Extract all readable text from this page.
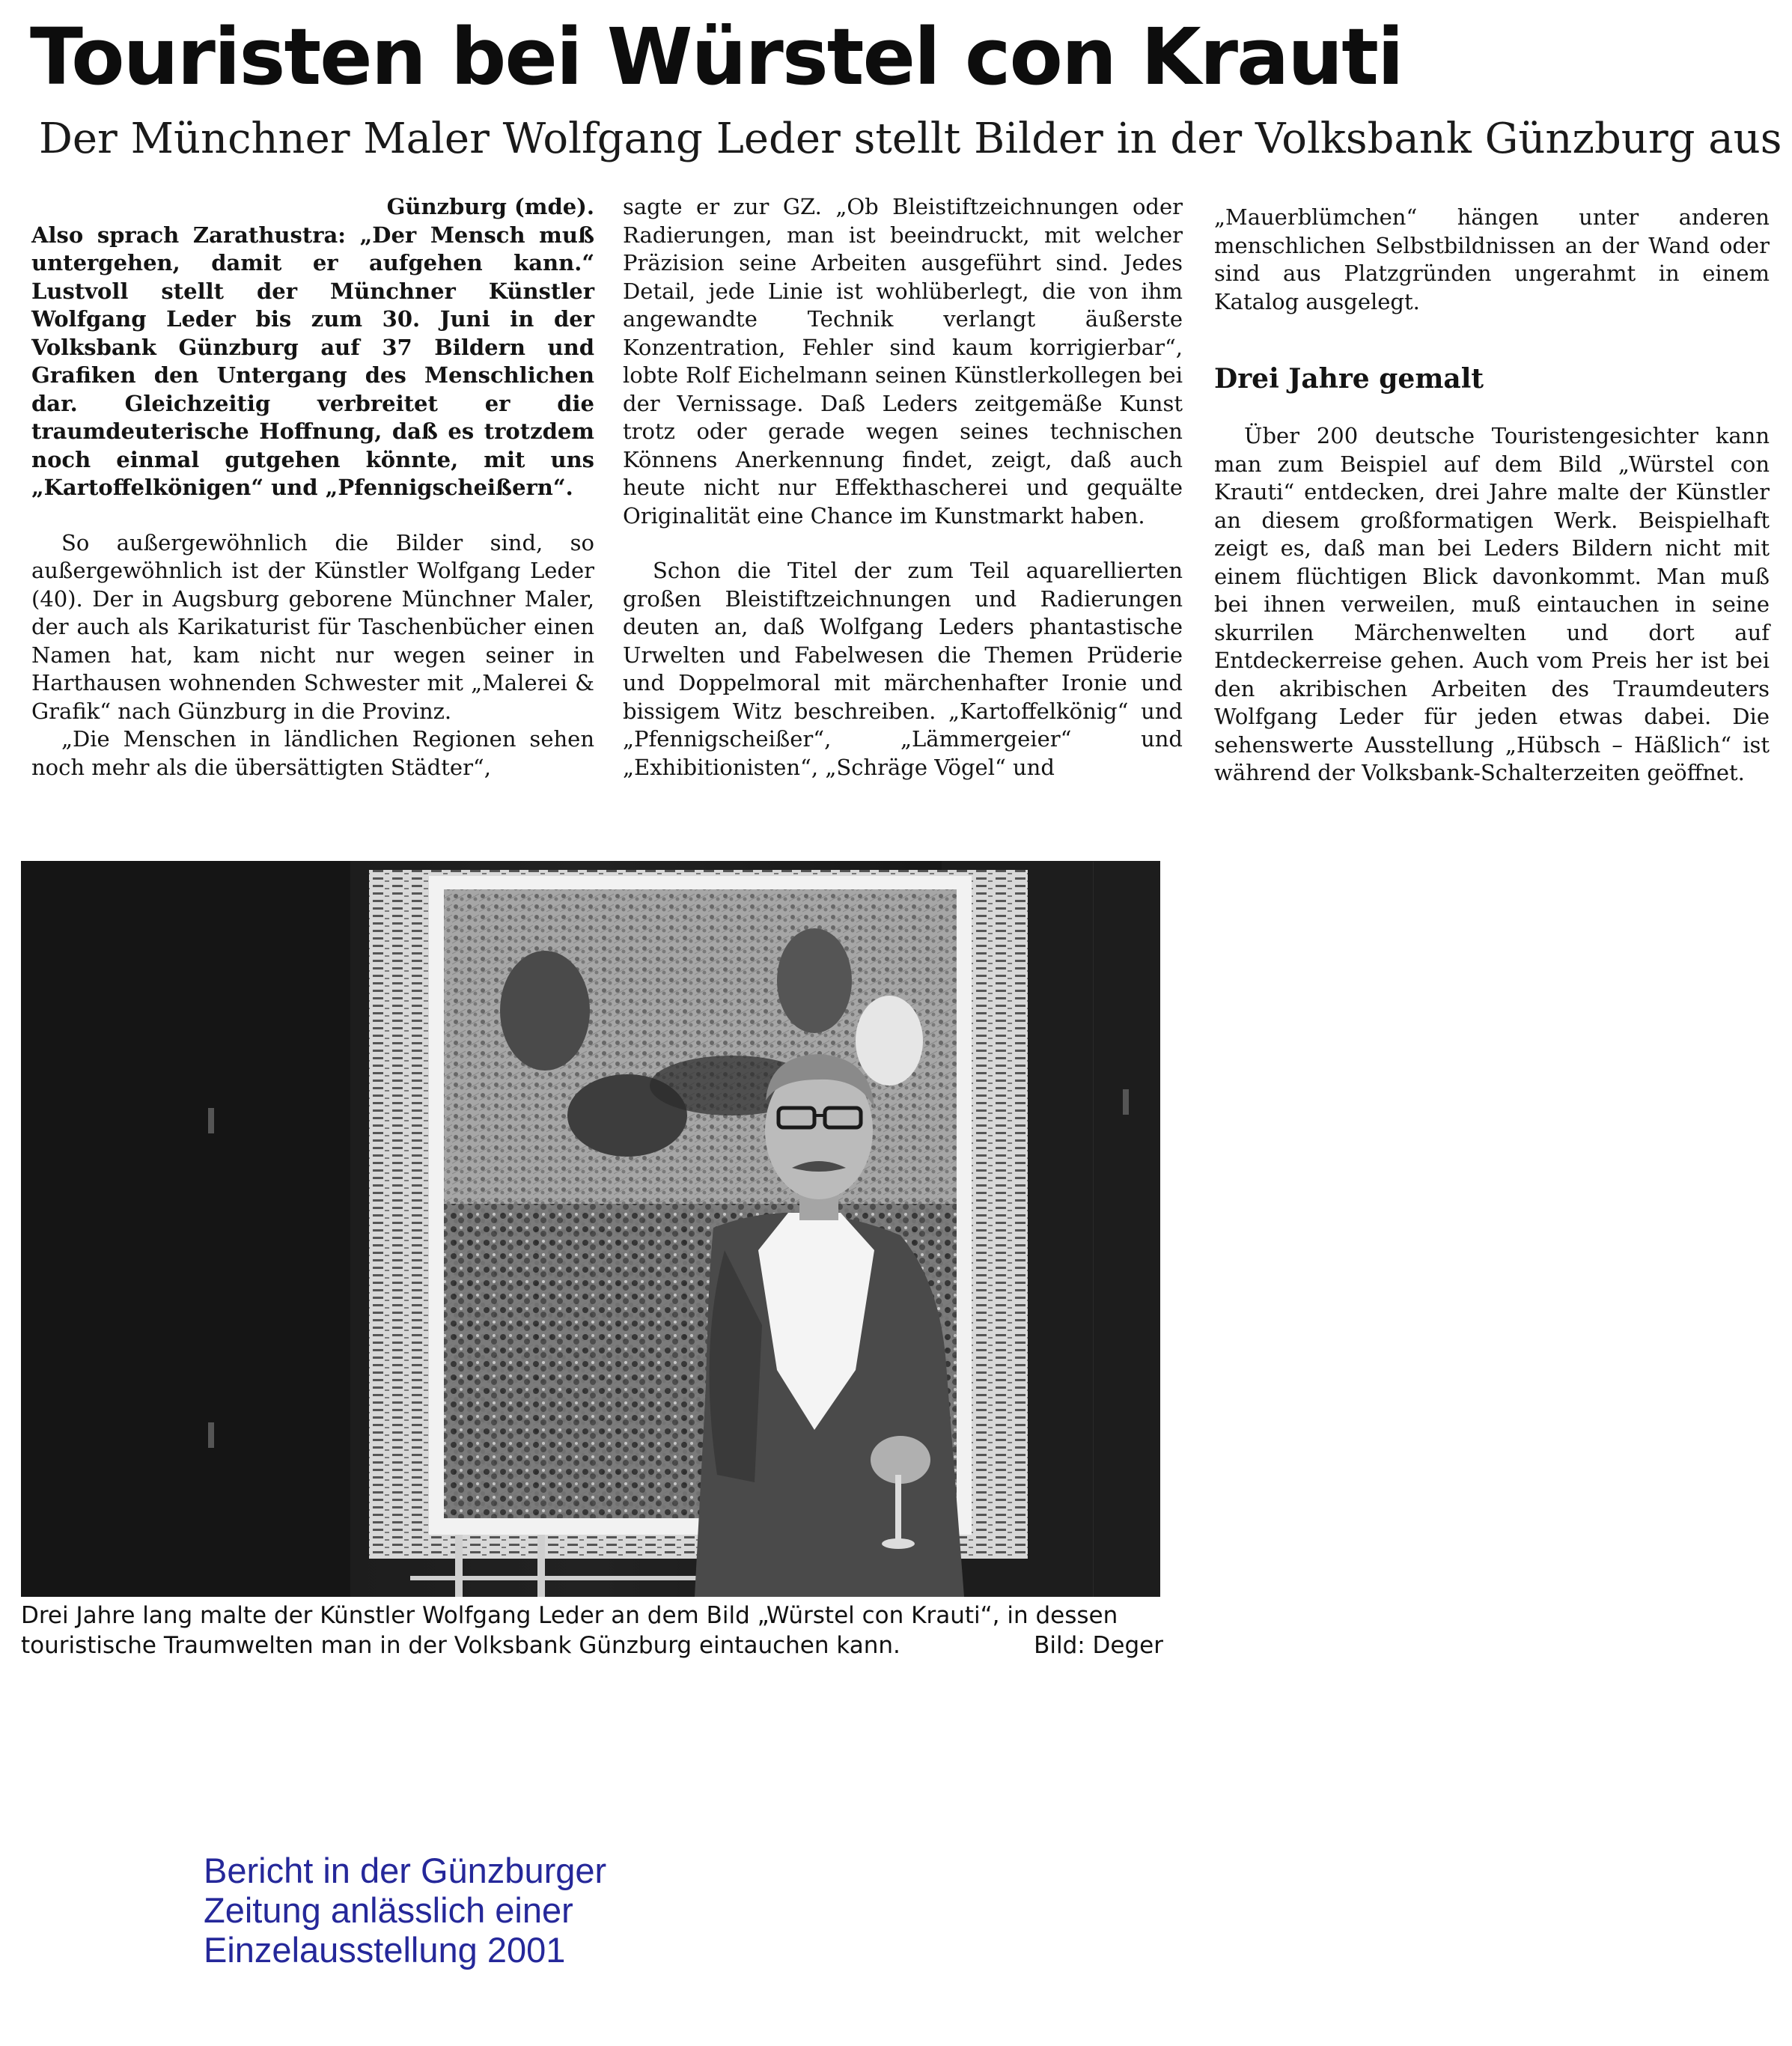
Touristen bei Würstel con Krauti
Der Münchner Maler Wolfgang Leder stellt Bilder in der Volksbank Günzburg aus

Günzburg (mde).

Also sprach Zarathustra: „Der Mensch muß untergehen, damit er aufgehen kann.“ Lustvoll stellt der Münchner Künstler Wolfgang Leder bis zum 30. Juni in der Volksbank Günzburg auf 37 Bildern und Grafiken den Untergang des Menschlichen dar. Gleichzeitig verbreitet er die traumdeuterische Hoffnung, daß es trotzdem noch einmal gutgehen könnte, mit uns „Kartoffelkönigen“ und „Pfennigscheißern“.

So außergewöhnlich die Bilder sind, so außergewöhnlich ist der Künstler Wolfgang Leder (40). Der in Augsburg geborene Münchner Maler, der auch als Karikaturist für Taschenbücher einen Namen hat, kam nicht nur wegen seiner in Harthausen wohnenden Schwester mit „Malerei & Grafik“ nach Günzburg in die Provinz.

„Die Menschen in ländlichen Regionen sehen noch mehr als die übersättigten Städter“,

sagte er zur GZ. „Ob Bleistiftzeichnungen oder Radierungen, man ist beeindruckt, mit welcher Präzision seine Arbeiten ausgeführt sind. Jedes Detail, jede Linie ist wohlüberlegt, die von ihm angewandte Technik verlangt äußerste Konzentration, Fehler sind kaum korrigierbar“, lobte Rolf Eichelmann seinen Künstlerkollegen bei der Vernissage. Daß Leders zeitgemäße Kunst trotz oder gerade wegen seines technischen Könnens Anerkennung findet, zeigt, daß auch heute nicht nur Effekthascherei und gequälte Originalität eine Chance im Kunstmarkt haben.

Schon die Titel der zum Teil aquarellierten großen Bleistiftzeichnungen und Radierungen deuten an, daß Wolfgang Leders phantastische Urwelten und Fabelwesen die Themen Prüderie und Doppelmoral mit märchenhafter Ironie und bissigem Witz beschreiben. „Kartoffelkönig“ und „Pfennigscheißer“, „Lämmergeier“ und „Exhibitionisten“, „Schräge Vögel“ und

„Mauerblümchen“ hängen unter anderen menschlichen Selbstbildnissen an der Wand oder sind aus Platzgründen ungerahmt in einem Katalog ausgelegt.

Drei Jahre gemalt

Über 200 deutsche Touristengesichter kann man zum Beispiel auf dem Bild „Würstel con Krauti“ entdecken, drei Jahre malte der Künstler an diesem großformatigen Werk. Beispielhaft zeigt es, daß man bei Leders Bildern nicht mit einem flüchtigen Blick davonkommt. Man muß bei ihnen verweilen, muß eintauchen in seine skurrilen Märchenwelten und dort auf Entdeckerreise gehen. Auch vom Preis her ist bei den akribischen Arbeiten des Traumdeuters Wolfgang Leder für jeden etwas dabei. Die sehenswerte Ausstellung „Hübsch – Häßlich“ ist während der Volksbank-Schalterzeiten geöffnet.

Drei Jahre lang malte der Künstler Wolfgang Leder an dem Bild „Würstel con Krauti“, in dessen touristische Traumwelten man in der Volksbank Günzburg eintauchen kann.	Bild: Deger
Bericht in der Günzburger
Zeitung anlässlich einer
Einzelausstellung 2001
